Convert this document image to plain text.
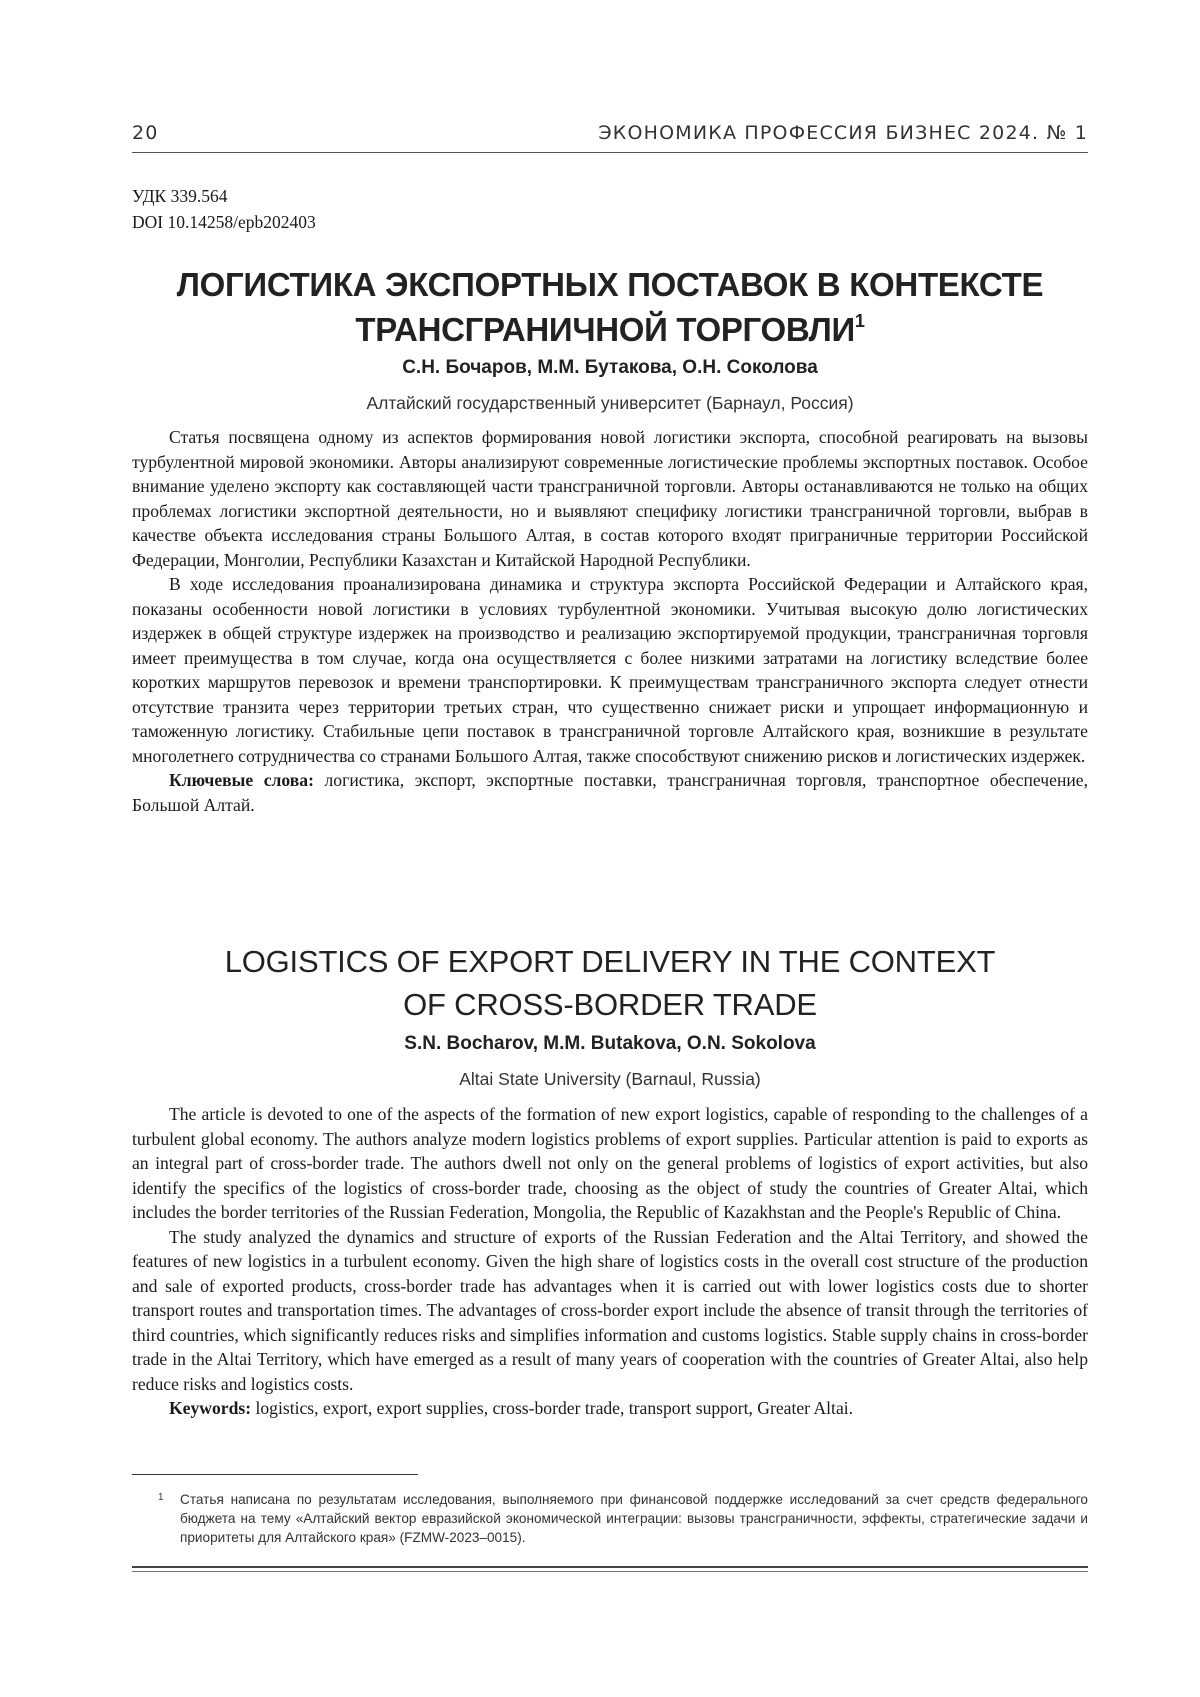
20	ЭКОНОМИКА ПРОФЕССИЯ БИЗНЕС 2024. № 1
УДК 339.564
DOI 10.14258/epb202403
ЛОГИСТИКА ЭКСПОРТНЫХ ПОСТАВОК В КОНТЕКСТЕ
ТРАНСГРАНИЧНОЙ ТОРГОВЛИ$^1$
С.Н. Бочаров, М.М. Бутакова, О.Н. Соколова
Алтайский государственный университет (Барнаул, Россия)

Статья посвящена одному из аспектов формирования новой логистики экспорта, способной реагировать на вызовы турбулентной мировой экономики. Авторы анализируют современные логистические проблемы экспортных поставок. Особое внимание уделено экспорту как составляющей части трансграничной торговли. Авторы останавливаются не только на общих проблемах логистики экспортной деятельности, но и выявляют специфику логистики трансграничной торговли, выбрав в качестве объекта исследования страны Большого Алтая, в состав которого входят приграничные территории Российской Федерации, Монголии, Республики Казахстан и Китайской Народной Республики.

В ходе исследования проанализирована динамика и структура экспорта Российской Федерации и Алтайского края, показаны особенности новой логистики в условиях турбулентной экономики. Учитывая высокую долю логистических издержек в общей структуре издержек на производство и реализацию экспортируемой продукции, трансграничная торговля имеет преимущества в том случае, когда она осуществляется с более низкими затратами на логистику вследствие более коротких маршрутов перевозок и времени транспортировки. К преимуществам трансграничного экспорта следует отнести отсутствие транзита через территории третьих стран, что существенно снижает риски и упрощает информационную и таможенную логистику. Стабильные цепи поставок в трансграничной торговле Алтайского края, возникшие в результате многолетнего сотрудничества со странами Большого Алтая, также способствуют снижению рисков и логистических издержек.

Ключевые слова: логистика, экспорт, экспортные поставки, трансграничная торговля, транспортное обеспечение, Большой Алтай.

LOGISTICS OF EXPORT DELIVERY IN THE CONTEXT
OF CROSS-BORDER TRADE
S.N. Bocharov, M.M. Butakova, O.N. Sokolova
Altai State University (Barnaul, Russia)

The article is devoted to one of the aspects of the formation of new export logistics, capable of responding to the challenges of a turbulent global economy. The authors analyze modern logistics problems of export supplies. Particular attention is paid to exports as an integral part of cross-border trade. The authors dwell not only on the general problems of logistics of export activities, but also identify the specifics of the logistics of cross-border trade, choosing as the object of study the countries of Greater Altai, which includes the border territories of the Russian Federation, Mongolia, the Republic of Kazakhstan and the People's Republic of China.

The study analyzed the dynamics and structure of exports of the Russian Federation and the Altai Territory, and showed the features of new logistics in a turbulent economy. Given the high share of logistics costs in the overall cost structure of the production and sale of exported products, cross-border trade has advantages when it is carried out with lower logistics costs due to shorter transport routes and transportation times. The advantages of cross-border export include the absence of transit through the territories of third countries, which significantly reduces risks and simplifies information and customs logistics. Stable supply chains in cross-border trade in the Altai Territory, which have emerged as a result of many years of cooperation with the countries of Greater Altai, also help reduce risks and logistics costs.

Keywords: logistics, export, export supplies, cross-border trade, transport support, Greater Altai.

1 Статья написана по результатам исследования, выполняемого при финансовой поддержке исследований за счет средств федерального бюджета на тему «Алтайский вектор евразийской экономической интеграции: вызовы трансграничности, эффекты, стратегические задачи и приоритеты для Алтайского края» (FZMW-2023–0015).
